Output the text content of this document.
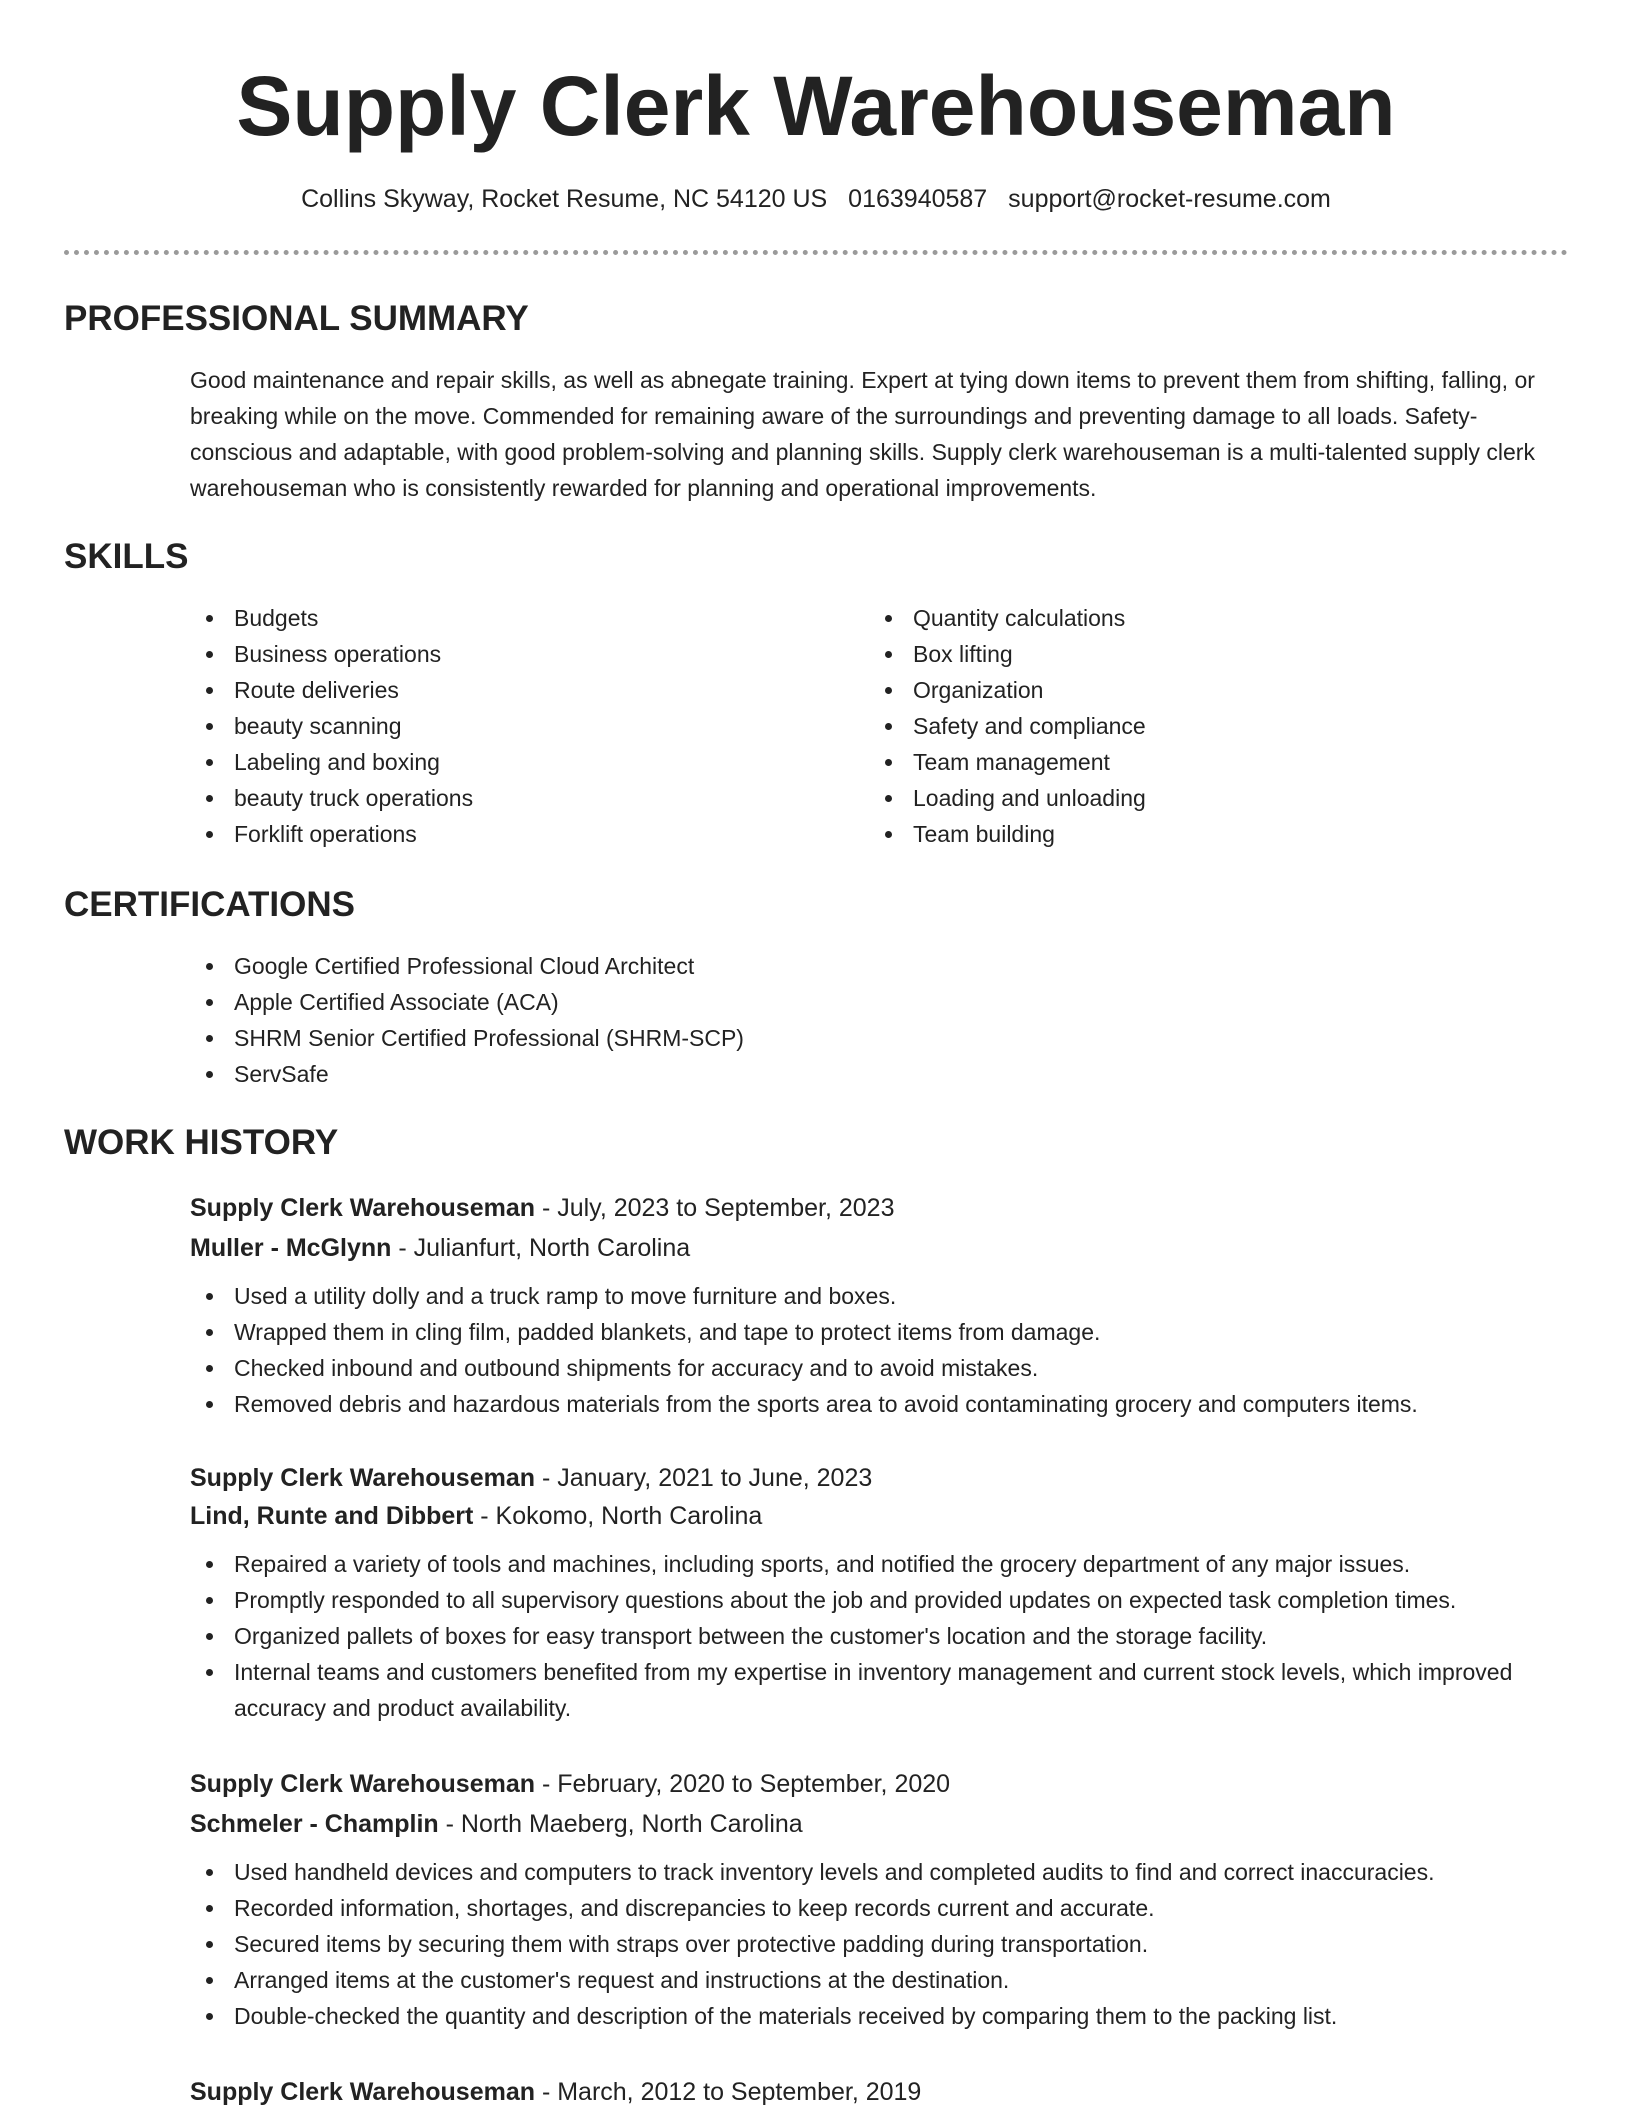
Supply Clerk Warehouseman
Collins Skyway, Rocket Resume, NC 54120 US 0163940587 support@rocket-resume.com
PROFESSIONAL SUMMARY
Good maintenance and repair skills, as well as abnegate training. Expert at tying down items to prevent them from shifting, falling, or breaking while on the move. Commended for remaining aware of the surroundings and preventing damage to all loads. Safety-conscious and adaptable, with good problem-solving and planning skills. Supply clerk warehouseman is a multi-talented supply clerk warehouseman who is consistently rewarded for planning and operational improvements.
SKILLS
Budgets
Business operations
Route deliveries
beauty scanning
Labeling and boxing
beauty truck operations
Forklift operations
Quantity calculations
Box lifting
Organization
Safety and compliance
Team management
Loading and unloading
Team building
CERTIFICATIONS
Google Certified Professional Cloud Architect
Apple Certified Associate (ACA)
SHRM Senior Certified Professional (SHRM-SCP)
ServSafe
WORK HISTORY
Supply Clerk Warehouseman - July, 2023 to September, 2023
Muller - McGlynn - Julianfurt, North Carolina
Used a utility dolly and a truck ramp to move furniture and boxes.
Wrapped them in cling film, padded blankets, and tape to protect items from damage.
Checked inbound and outbound shipments for accuracy and to avoid mistakes.
Removed debris and hazardous materials from the sports area to avoid contaminating grocery and computers items.
Supply Clerk Warehouseman - January, 2021 to June, 2023
Lind, Runte and Dibbert - Kokomo, North Carolina
Repaired a variety of tools and machines, including sports, and notified the grocery department of any major issues.
Promptly responded to all supervisory questions about the job and provided updates on expected task completion times.
Organized pallets of boxes for easy transport between the customer's location and the storage facility.
Internal teams and customers benefited from my expertise in inventory management and current stock levels, which improved accuracy and product availability.
Supply Clerk Warehouseman - February, 2020 to September, 2020
Schmeler - Champlin - North Maeberg, North Carolina
Used handheld devices and computers to track inventory levels and completed audits to find and correct inaccuracies.
Recorded information, shortages, and discrepancies to keep records current and accurate.
Secured items by securing them with straps over protective padding during transportation.
Arranged items at the customer's request and instructions at the destination.
Double-checked the quantity and description of the materials received by comparing them to the packing list.
Supply Clerk Warehouseman - March, 2012 to September, 2019
